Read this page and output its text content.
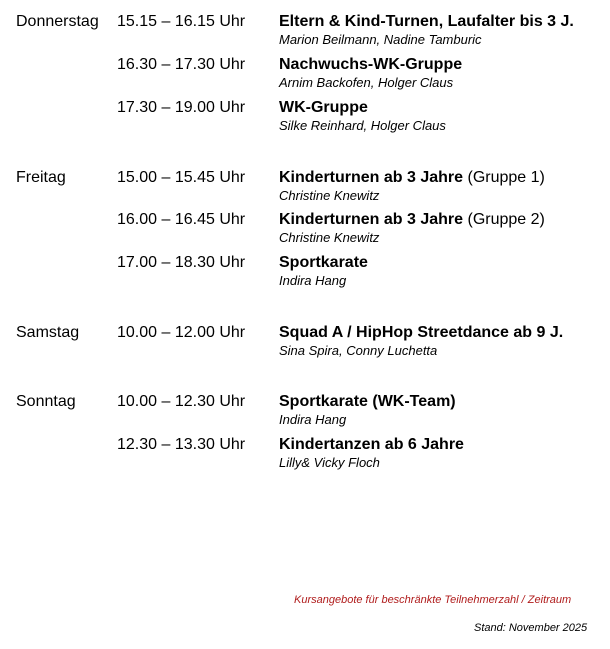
Donnerstag 15.15 – 16.15 Uhr Eltern & Kind-Turnen, Laufalter bis 3 J.
Marion Beilmann, Nadine Tamburic
16.30 – 17.30 Uhr Nachwuchs-WK-Gruppe
Arnim Backofen, Holger Claus
17.30 – 19.00 Uhr WK-Gruppe
Silke Reinhard, Holger Claus
Freitag	15.00 – 15.45 Uhr Kinderturnen ab 3 Jahre (Gruppe 1)
Christine Knewitz
16.00 – 16.45 Uhr Kinderturnen ab 3 Jahre (Gruppe 2)
Christine Knewitz
17.00 – 18.30 Uhr Sportkarate
Indira Hang
Samstag 10.00 – 12.00 Uhr Squad A / HipHop Streetdance ab 9 J.
Sina Spira, Conny Luchetta
Sonntag	10.00 – 12.30 Uhr Sportkarate (WK-Team)
Indira Hang
12.30 – 13.30 Uhr Kindertanzen ab 6 Jahre
Lilly& Vicky Floch
Kursangebote für beschränkte Teilnehmerzahl / Zeitraum
Stand: November 2025
